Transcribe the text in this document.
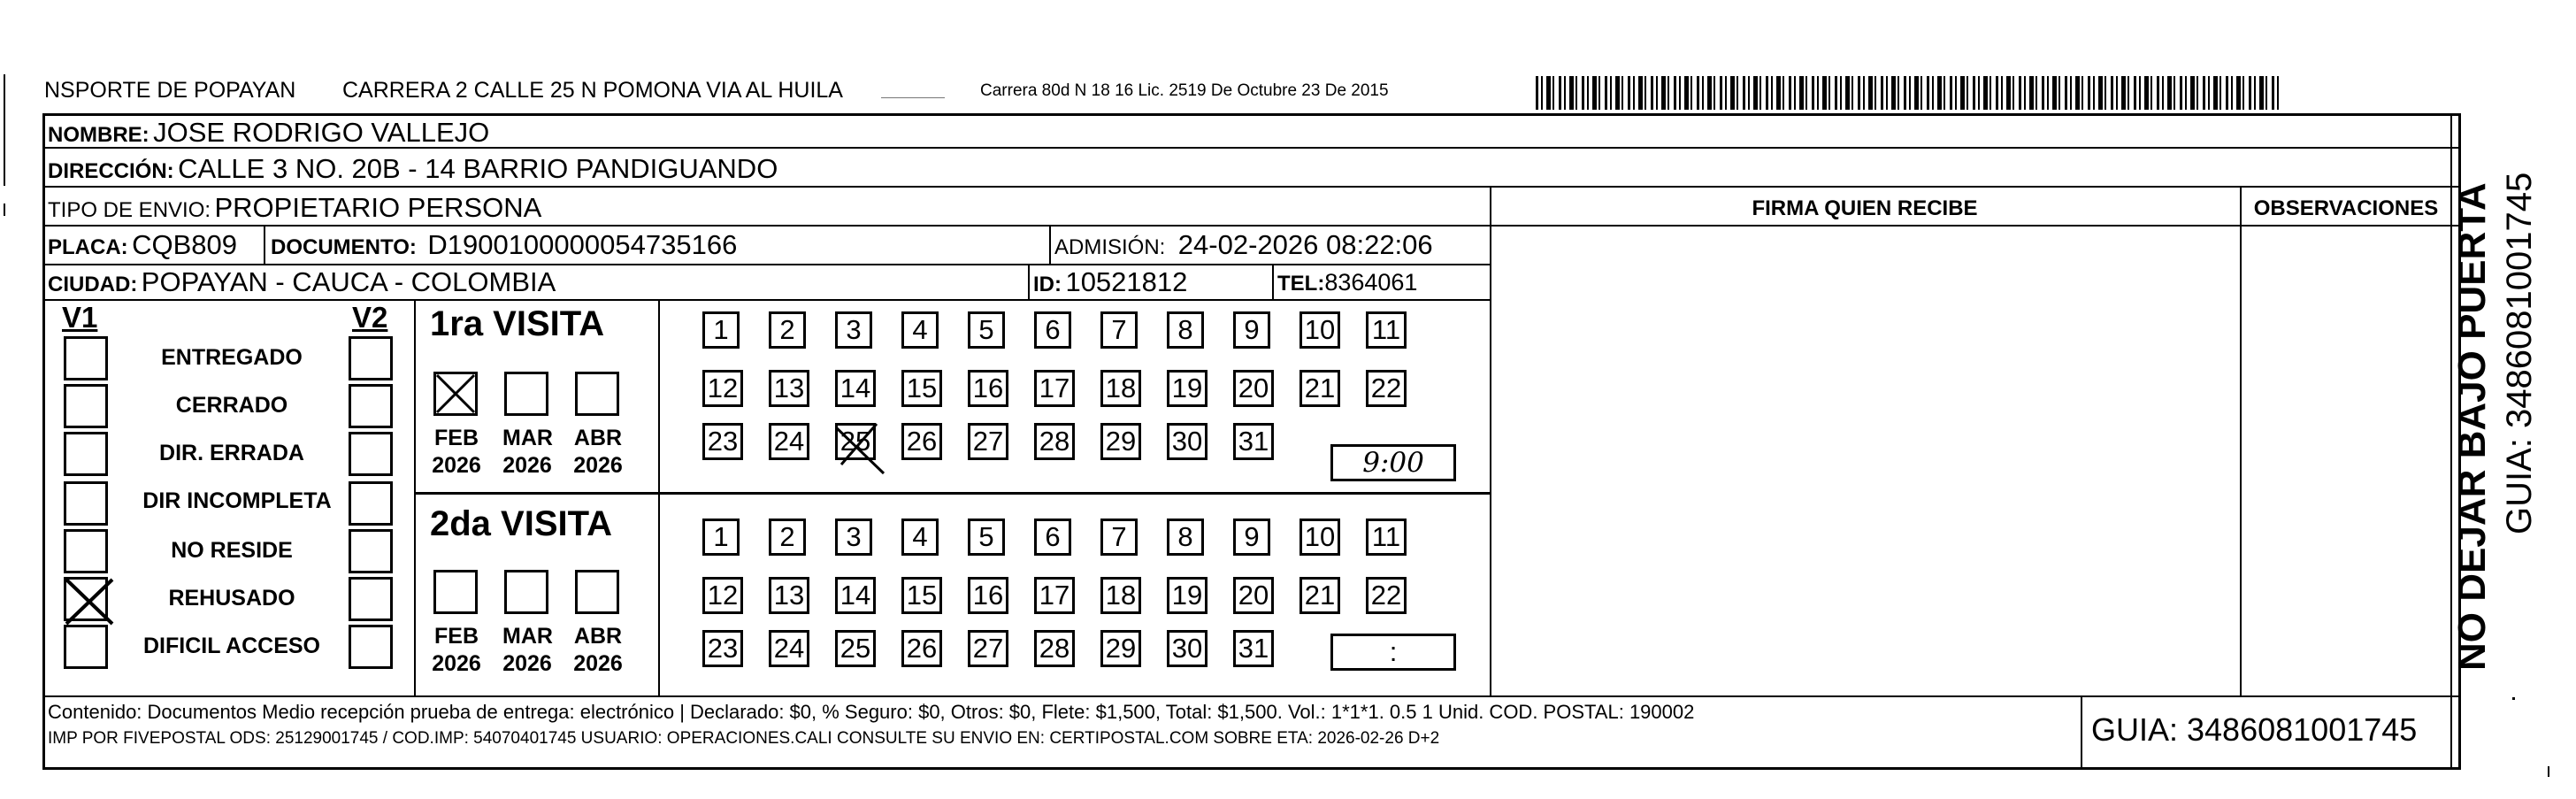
NSPORTE DE POPAYAN CARRERA 2 CALLE 25 N POMONA VIA AL HUILA	Carrera 80d N 18 16 Lic. 2519 De Octubre 23 De 2015
NOMBRE: JOSE RODRIGO VALLEJO
DIRECCIÓN: CALLE 3 NO. 20B - 14 BARRIO PANDIGUANDO
TIPO DE ENVIO: PROPIETARIO PERSONA	FIRMA QUIEN RECIBE	OBSERVACIONES
PLACA: CQB809 DOCUMENTO: D1900100000054735166	ADMISIÓN: 24-02-2026 08:22:06
CIUDAD: POPAYAN - CAUCA - COLOMBIA	ID: 10521812	TEL:8364061
V1	V2
ENTREGADO
CERRADO
DIR. ERRADA
DIR INCOMPLETA
NO RESIDE
REHUSADO
DIFICIL ACCESO
1ra VISITA
FEB
2026
MAR
2026
ABR
2026
1	2	3	4	5	6	7	8	9	10 11
12 13 14 15 16 17 18 19 20 21 22
23 24 25 26 27 28 29 30 31
9:00
2da VISITA
FEB
2026
MAR
2026
ABR
2026
1	2	3	4	5	6	7	8	9	10 11
12 13 14 15 16 17 18 19 20 21 22
23 24 25 26 27 28 29 30 31	:
Contenido: Documentos Medio recepción prueba de entrega: electrónico | Declarado: $0, % Seguro: $0, Otros: $0, Flete: $1,500, Total: $1,500. Vol.: 1*1*1. 0.5 1 Unid. COD. POSTAL: 190002
IMP POR FIVEPOSTAL ODS: 25129001745 / COD.IMP: 54070401745 USUARIO: OPERACIONES.CALI CONSULTE SU ENVIO EN: CERTIPOSTAL.COM SOBRE ETA: 2026-02-26 D+2	GUIA: 3486081001745
NO DEJAR BAJO PUERTA GUIA: 3486081001745
